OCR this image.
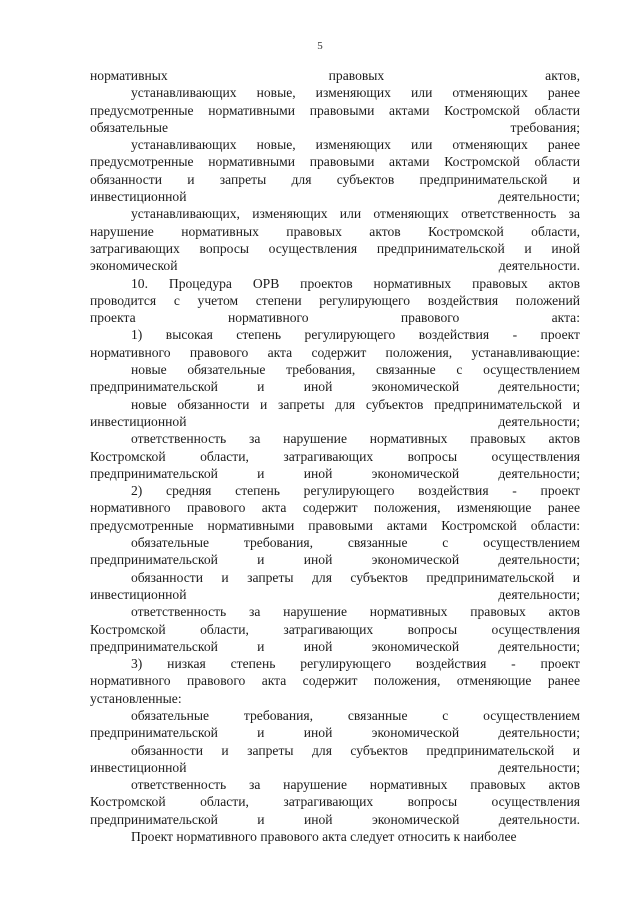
5

нормативных правовых актов,

устанавливающих новые, изменяющих или отменяющих ранее
предусмотренные нормативными правовыми актами Костромской области
обязательные требования;

устанавливающих новые, изменяющих или отменяющих ранее
предусмотренные нормативными правовыми актами Костромской области
обязанности и запреты для субъектов предпринимательской и
инвестиционной деятельности;

устанавливающих, изменяющих или отменяющих ответственность за
нарушение нормативных правовых актов Костромской области,
затрагивающих вопросы осуществления предпринимательской и иной
экономической деятельности.

10. Процедура ОРВ проектов нормативных правовых актов
проводится с учетом степени регулирующего воздействия положений
проекта нормативного правового акта:

1) высокая степень регулирующего воздействия - проект
нормативного правового акта содержит положения, устанавливающие:

новые обязательные требования, связанные с осуществлением
предпринимательской и иной экономической деятельности;

новые обязанности и запреты для субъектов предпринимательской и
инвестиционной деятельности;

ответственность за нарушение нормативных правовых актов
Костромской области, затрагивающих вопросы осуществления
предпринимательской и иной экономической деятельности;

2) средняя степень регулирующего воздействия - проект
нормативного правового акта содержит положения, изменяющие ранее
предусмотренные нормативными правовыми актами Костромской области:

обязательные требования, связанные с осуществлением
предпринимательской и иной экономической деятельности;

обязанности и запреты для субъектов предпринимательской и
инвестиционной деятельности;

ответственность за нарушение нормативных правовых актов
Костромской области, затрагивающих вопросы осуществления
предпринимательской и иной экономической деятельности;

3) низкая степень регулирующего воздействия - проект
нормативного правового акта содержит положения, отменяющие ранее
установленные:

обязательные требования, связанные с осуществлением
предпринимательской и иной экономической деятельности;

обязанности и запреты для субъектов предпринимательской и
инвестиционной деятельности;

ответственность за нарушение нормативных правовых актов
Костромской области, затрагивающих вопросы осуществления
предпринимательской и иной экономической деятельности.

Проект нормативного правового акта следует относить к наиболее
